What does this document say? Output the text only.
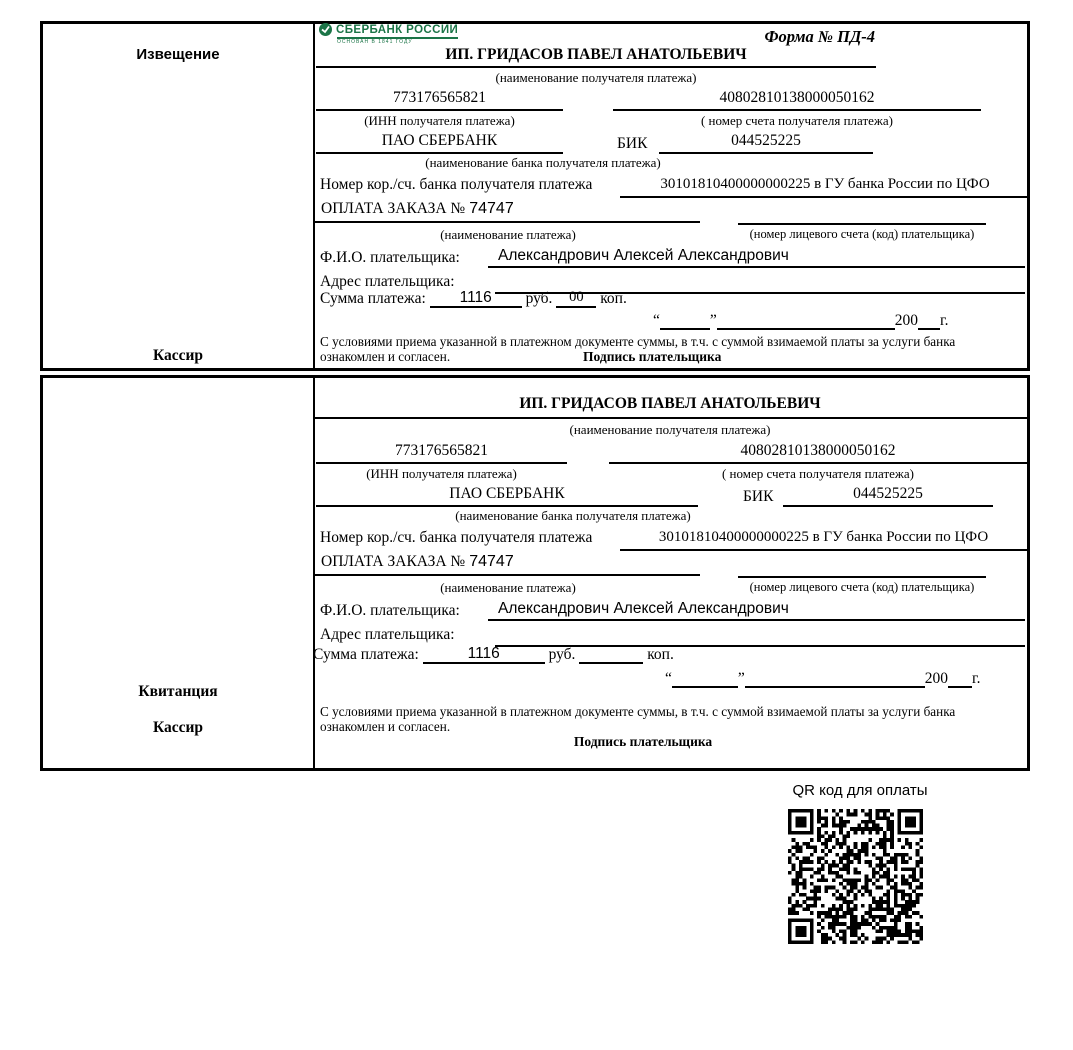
Извещение
Кассир
СБЕРБАНК РОССИИ
ОСНОВАН В 1841 ГОДУ	Форма № ПД-4
ИП. ГРИДАСОВ ПАВЕЛ АНАТОЛЬЕВИЧ
(наименование получателя платежа)
773176565821	40802810138000050162
(ИНН получателя платежа)	( номер счета получателя платежа)
ПАО СБЕРБАНК	БИК	044525225
(наименование банка получателя платежа)
Номер кор./сч. банка получателя платежа	30101810400000000225 в ГУ банка России по ЦФО
ОПЛАТА ЗАКАЗА № 74747
(наименование платежа)	(номер лицевого счета (код) плательщика)
Ф.И.О. плательщика:	Александрович Алексей Александрович
Адрес плательщика:
Сумма платежа: 1116 руб. 00 коп.
“	”	200 г.
С условиями приема указанной в платежном документе суммы, в т.ч. с суммой взимаемой платы за услуги банка
ознакомлен и согласен.	Подпись плательщика
Квитанция
Кассир
ИП. ГРИДАСОВ ПАВЕЛ АНАТОЛЬЕВИЧ
(наименование получателя платежа)
773176565821	40802810138000050162
(ИНН получателя платежа)	( номер счета получателя платежа)
ПАО СБЕРБАНК	БИК	044525225
(наименование банка получателя платежа)
Номер кор./сч. банка получателя платежа	30101810400000000225 в ГУ банка России по ЦФО
ОПЛАТА ЗАКАЗА № 74747
(наименование платежа)	(номер лицевого счета (код) плательщика)
Ф.И.О. плательщика:	Александрович Алексей Александрович
Адрес плательщика:
Сумма платежа:	1116	руб.	коп.
“	”	200 г.
С условиями приема указанной в платежном документе суммы, в т.ч. с суммой взимаемой платы за услуги банка
ознакомлен и согласен.
Подпись плательщика
QR код для оплаты
